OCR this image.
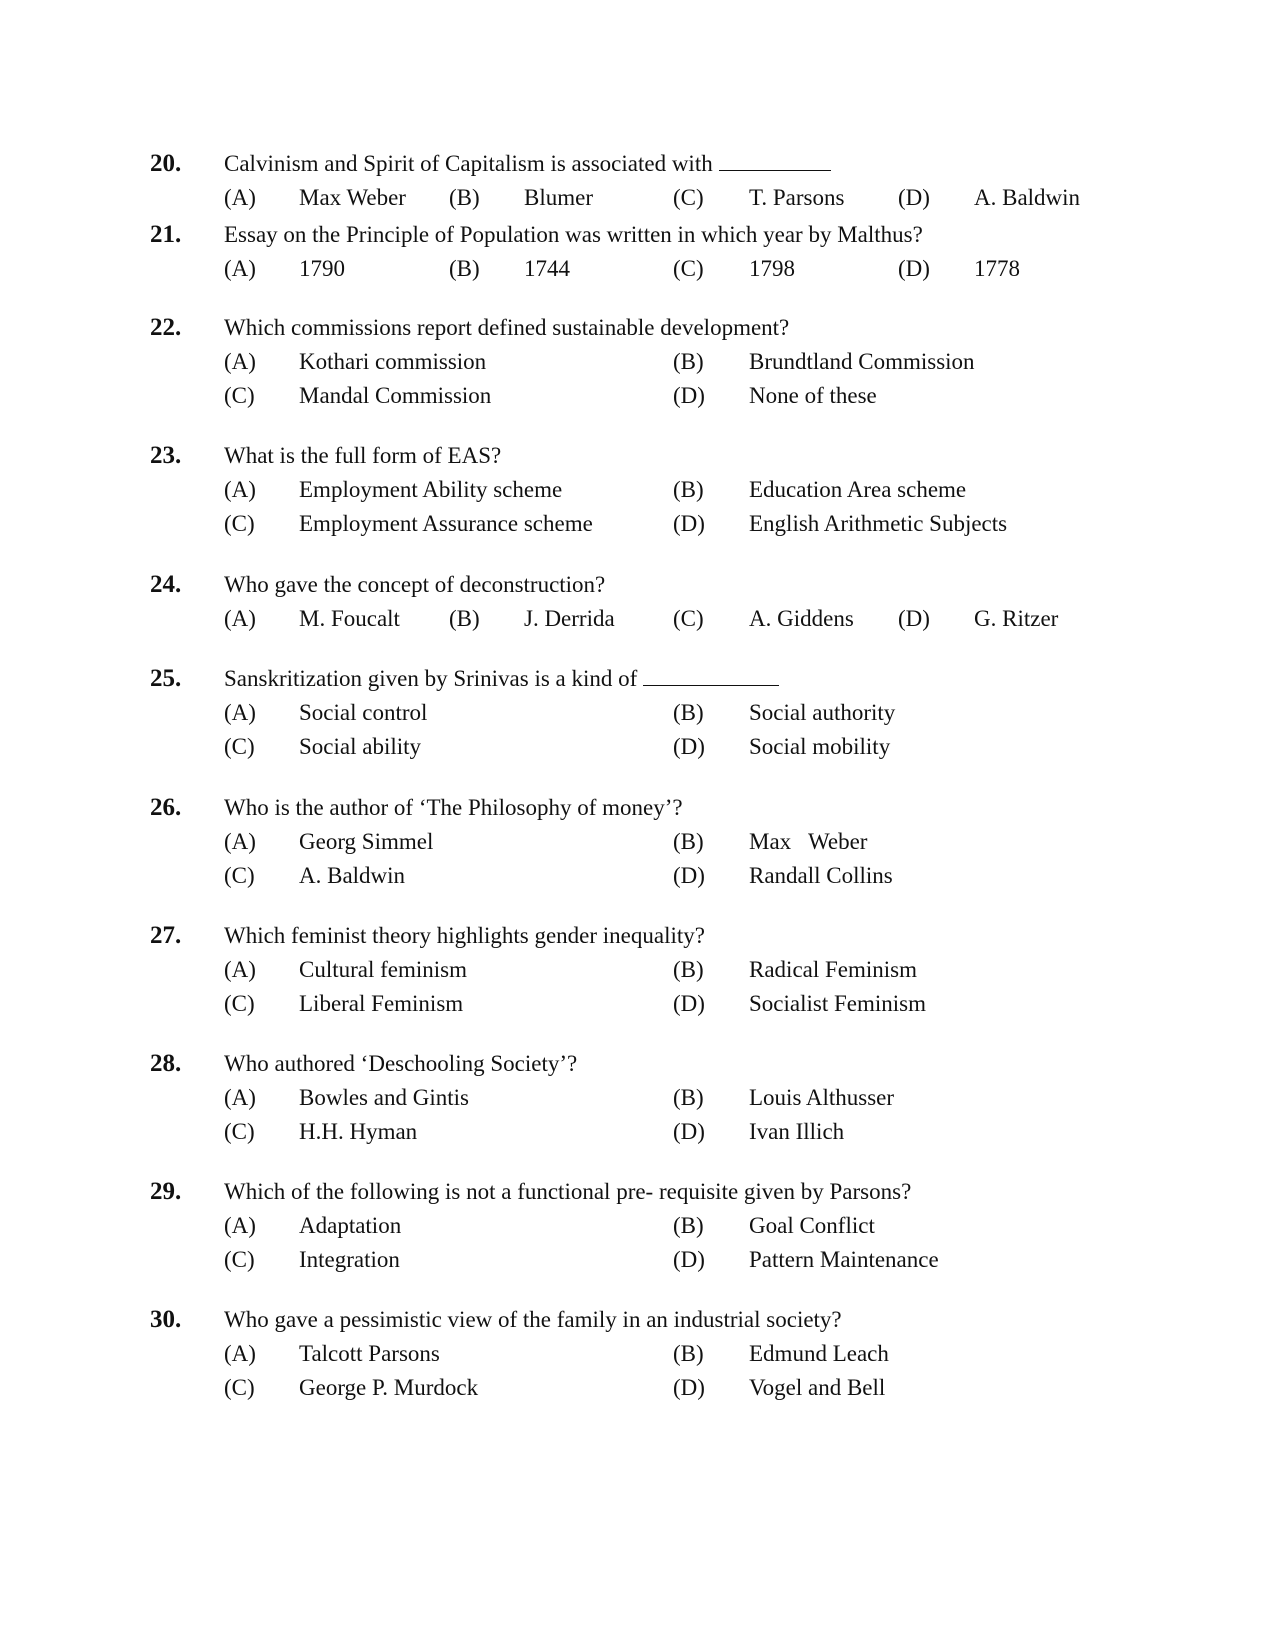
20. Calvinism and Spirit of Capitalism is associated with
(A) Max Weber (B) Blumer	(C) T. Parsons (D) A. Baldwin
21. Essay on the Principle of Population was written in which year by Malthus?
(A) 1790	(B) 1744	(C) 1798	(D) 1778
22. Which commissions report defined sustainable development?
(A) Kothari commission	(B) Brundtland Commission
(C) Mandal Commission	(D) None of these
23. What is the full form of EAS?
(A) Employment Ability scheme	(B) Education Area scheme
(C) Employment Assurance scheme	(D) English Arithmetic Subjects
24. Who gave the concept of deconstruction?
(A) M. Foucalt (B) J. Derrida	(C) A. Giddens (D) G. Ritzer
25. Sanskritization given by Srinivas is a kind of
(A) Social control	(B) Social authority
(C) Social ability	(D) Social mobility
26. Who is the author of ‘The Philosophy of money’?
(A) Georg Simmel	(B) Max   Weber
(C) A. Baldwin	(D) Randall Collins
27. Which feminist theory highlights gender inequality?
(A) Cultural feminism	(B) Radical Feminism
(C) Liberal Feminism	(D) Socialist Feminism
28. Who authored ‘Deschooling Society’?
(A) Bowles and Gintis	(B) Louis Althusser
(C) H.H. Hyman	(D) Ivan Illich
29. Which of the following is not a functional pre- requisite given by Parsons?
(A) Adaptation	(B) Goal Conflict
(C) Integration	(D) Pattern Maintenance
30. Who gave a pessimistic view of the family in an industrial society?
(A) Talcott Parsons	(B) Edmund Leach
(C) George P. Murdock	(D) Vogel and Bell
